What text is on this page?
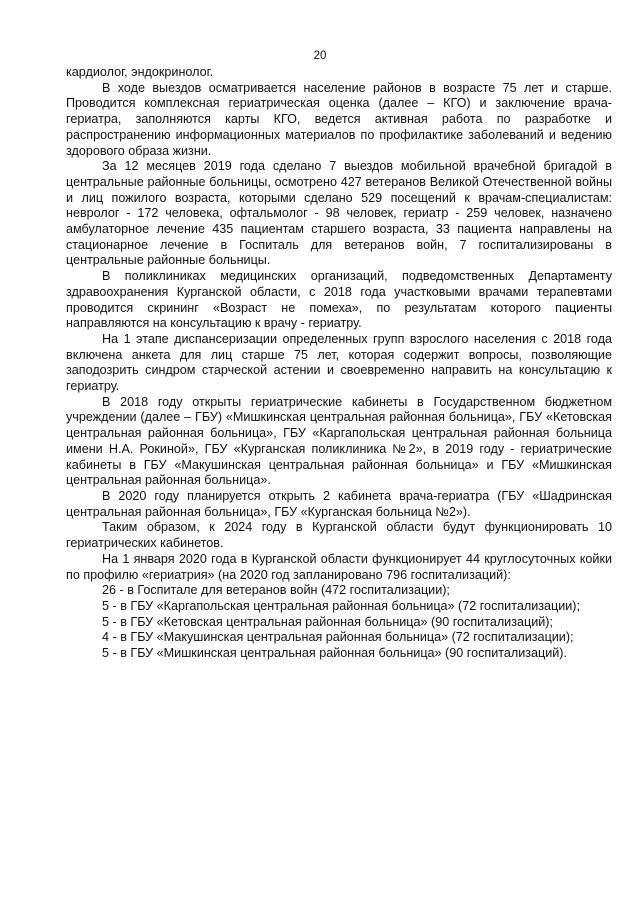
20

кардиолог, эндокринолог.

В ходе выездов осматривается население районов в возрасте 75 лет и старше. Проводится комплексная гериатрическая оценка (далее – КГО) и заключение врача-гериатра, заполняются карты КГО, ведется активная работа по разработке и распространению информационных материалов по профилактике заболеваний и ведению здорового образа жизни.

За 12 месяцев 2019 года сделано 7 выездов мобильной врачебной бригадой в центральные районные больницы, осмотрено 427 ветеранов Великой Отечественной войны и лиц пожилого возраста, которыми сделано 529 посещений к врачам-специалистам: невролог - 172 человека, офтальмолог - 98 человек, гериатр - 259 человек, назначено амбулаторное лечение 435 пациентам старшего возраста, 33 пациента направлены на стационарное лечение в Госпиталь для ветеранов войн, 7 госпитализированы в центральные районные больницы.

В поликлиниках медицинских организаций, подведомственных Департаменту здравоохранения Курганской области, с 2018 года участковыми врачами терапевтами проводится скрининг «Возраст не помеха», по результатам которого пациенты направляются на консультацию к врачу - гериатру.

На 1 этапе диспансеризации определенных групп взрослого населения с 2018 года включена анкета для лиц старше 75 лет, которая содержит вопросы, позволяющие заподозрить синдром старческой астении и своевременно направить на консультацию к гериатру.

В 2018 году открыты гериатрические кабинеты в Государственном бюджетном учреждении (далее – ГБУ) «Мишкинская центральная районная больница», ГБУ «Кетовская центральная районная больница», ГБУ «Каргапольская центральная районная больница имени Н.А. Рокиной», ГБУ «Курганская поликлиника №2», в 2019 году - гериатрические кабинеты в ГБУ «Макушинская центральная районная больница» и ГБУ «Мишкинская центральная районная больница».

В 2020 году планируется открыть 2 кабинета врача-гериатра (ГБУ «Шадринская центральная районная больница», ГБУ «Курганская больница №2»).

Таким образом, к 2024 году в Курганской области будут функционировать 10 гериатрических кабинетов.

На 1 января 2020 года в Курганской области функционирует 44 круглосуточных койки по профилю «гериатрия» (на 2020 год запланировано 796 госпитализаций):

26 - в Госпитале для ветеранов войн (472 госпитализации);

5 - в ГБУ «Каргапольская центральная районная больница» (72 госпитализации);

5 - в ГБУ «Кетовская центральная районная больница» (90 госпитализаций);

4 - в ГБУ «Макушинская центральная районная больница» (72 госпитализации);

5 - в ГБУ «Мишкинская центральная районная больница» (90 госпитализаций).
